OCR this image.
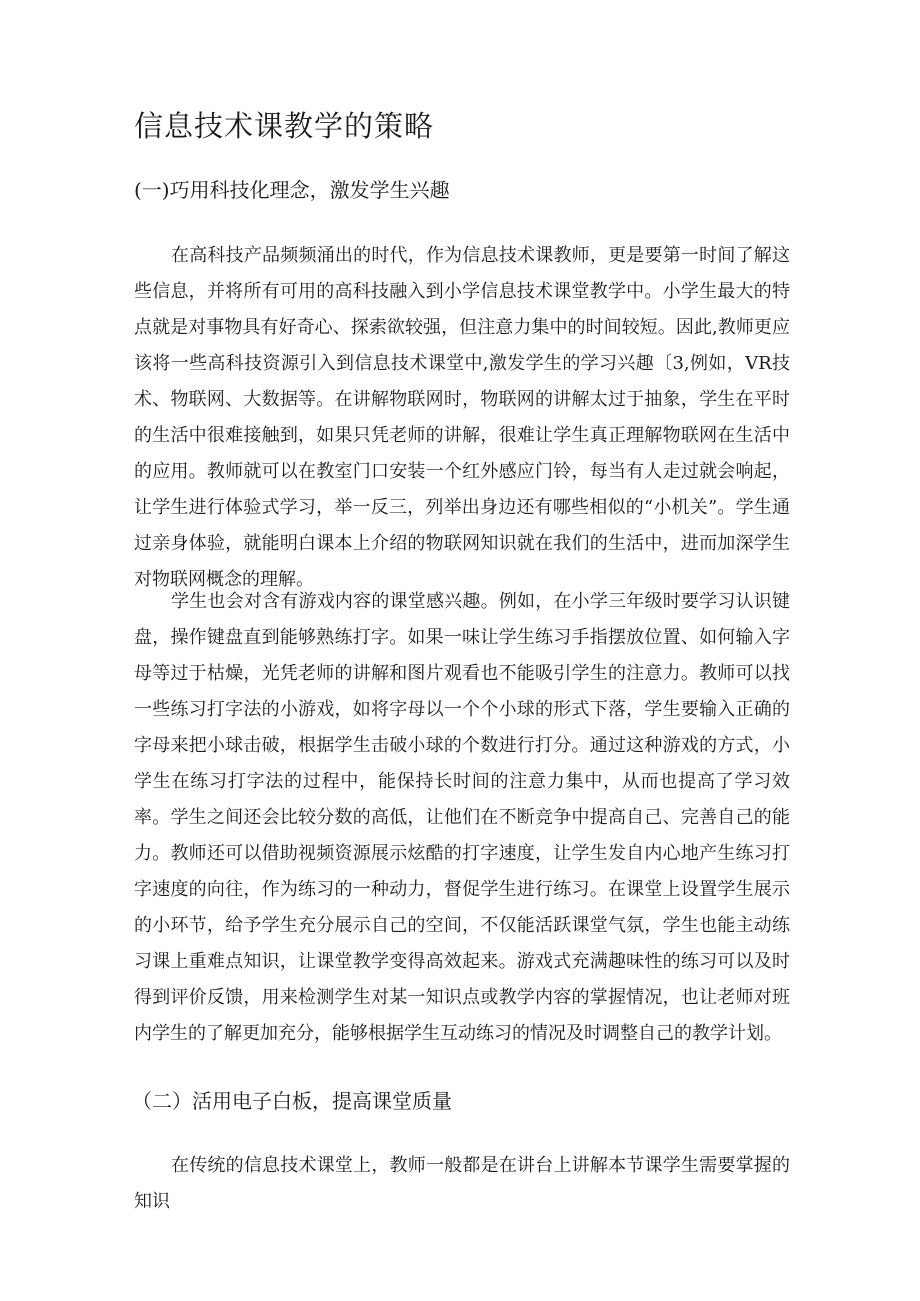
信息技术课教学的策略
(一)巧用科技化理念，激发学生兴趣

在高科技产品频频涌出的时代，作为信息技术课教师，更是要第一时间了解这些信息，并将所有可用的高科技融入到小学信息技术课堂教学中。小学生最大的特点就是对事物具有好奇心、探索欲较强，但注意力集中的时间较短。因此,教师更应该将一些高科技资源引入到信息技术课堂中,激发学生的学习兴趣〔3,例如，VR技术、物联网、大数据等。在讲解物联网时，物联网的讲解太过于抽象，学生在平时的生活中很难接触到，如果只凭老师的讲解，很难让学生真正理解物联网在生活中的应用。教师就可以在教室门口安装一个红外感应门铃，每当有人走过就会响起，让学生进行体验式学习，举一反三，列举出身边还有哪些相似的“小机关”。学生通过亲身体验，就能明白课本上介绍的物联网知识就在我们的生活中，进而加深学生对物联网概念的理解。

学生也会对含有游戏内容的课堂感兴趣。例如，在小学三年级时要学习认识键盘，操作键盘直到能够熟练打字。如果一味让学生练习手指摆放位置、如何输入字母等过于枯燥，光凭老师的讲解和图片观看也不能吸引学生的注意力。教师可以找一些练习打字法的小游戏，如将字母以一个个小球的形式下落，学生要输入正确的字母来把小球击破，根据学生击破小球的个数进行打分。通过这种游戏的方式，小学生在练习打字法的过程中，能保持长时间的注意力集中，从而也提高了学习效率。学生之间还会比较分数的高低，让他们在不断竞争中提高自己、完善自己的能力。教师还可以借助视频资源展示炫酷的打字速度，让学生发自内心地产生练习打字速度的向往，作为练习的一种动力，督促学生进行练习。在课堂上设置学生展示的小环节，给予学生充分展示自己的空间，不仅能活跃课堂气氛，学生也能主动练习课上重难点知识，让课堂教学变得高效起来。游戏式充满趣味性的练习可以及时得到评价反馈，用来检测学生对某一知识点或教学内容的掌握情况，也让老师对班内学生的了解更加充分，能够根据学生互动练习的情况及时调整自己的教学计划。

（二）活用电子白板，提高课堂质量

在传统的信息技术课堂上，教师一般都是在讲台上讲解本节课学生需要掌握的知识
